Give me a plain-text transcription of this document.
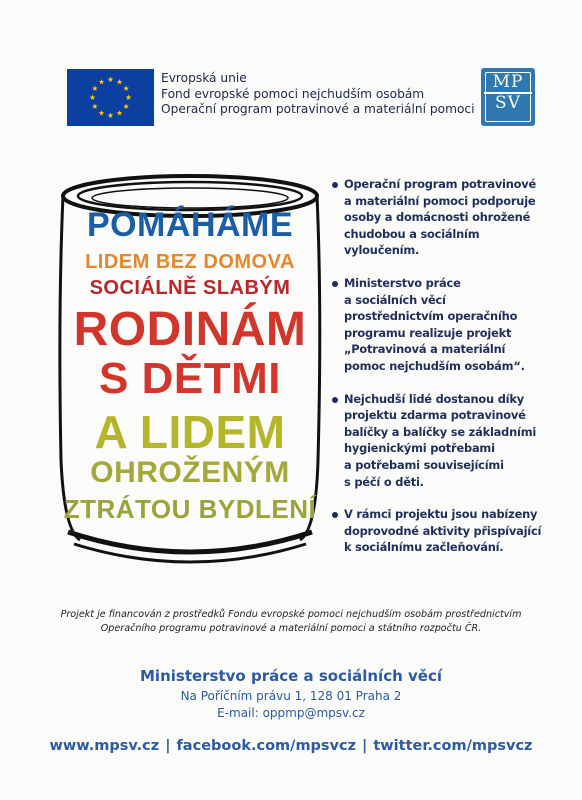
Evropská unie
Fond evropské pomoci nejchudším osobám
Operační program potravinové a materiální pomoci
MP
SV
POMÁHÁME
LIDEM BEZ DOMOVA
SOCIÁLNĚ SLABÝM
RODINÁM
S DĚTMI
A LIDEM
OHROŽENÝM
ZTRÁTOU BYDLENÍ
Operační program potravinové
a materiální pomoci podporuje
osoby a domácnosti ohrožené
chudobou a sociálním
vyloučením.
Ministerstvo práce
a sociálních věcí
prostřednictvím operačního
programu realizuje projekt
„Potravinová a materiální
pomoc nejchudším osobám“.
Nejchudší lidé dostanou díky
projektu zdarma potravinové
balíčky a balíčky se základními
hygienickými potřebami
a potřebami souvisejícími
s péčí o děti.
V rámci projektu jsou nabízeny
doprovodné aktivity přispívající
k sociálnímu začleňování.
Projekt je financován z prostředků Fondu evropské pomoci nejchudším osobám prostřednictvím
Operačního programu potravinové a materiální pomoci a státního rozpočtu ČR.
Ministerstvo práce a sociálních věcí
Na Poříčním právu 1, 128 01 Praha 2
E-mail: oppmp@mpsv.cz
www.mpsv.cz | facebook.com/mpsvcz | twitter.com/mpsvcz
